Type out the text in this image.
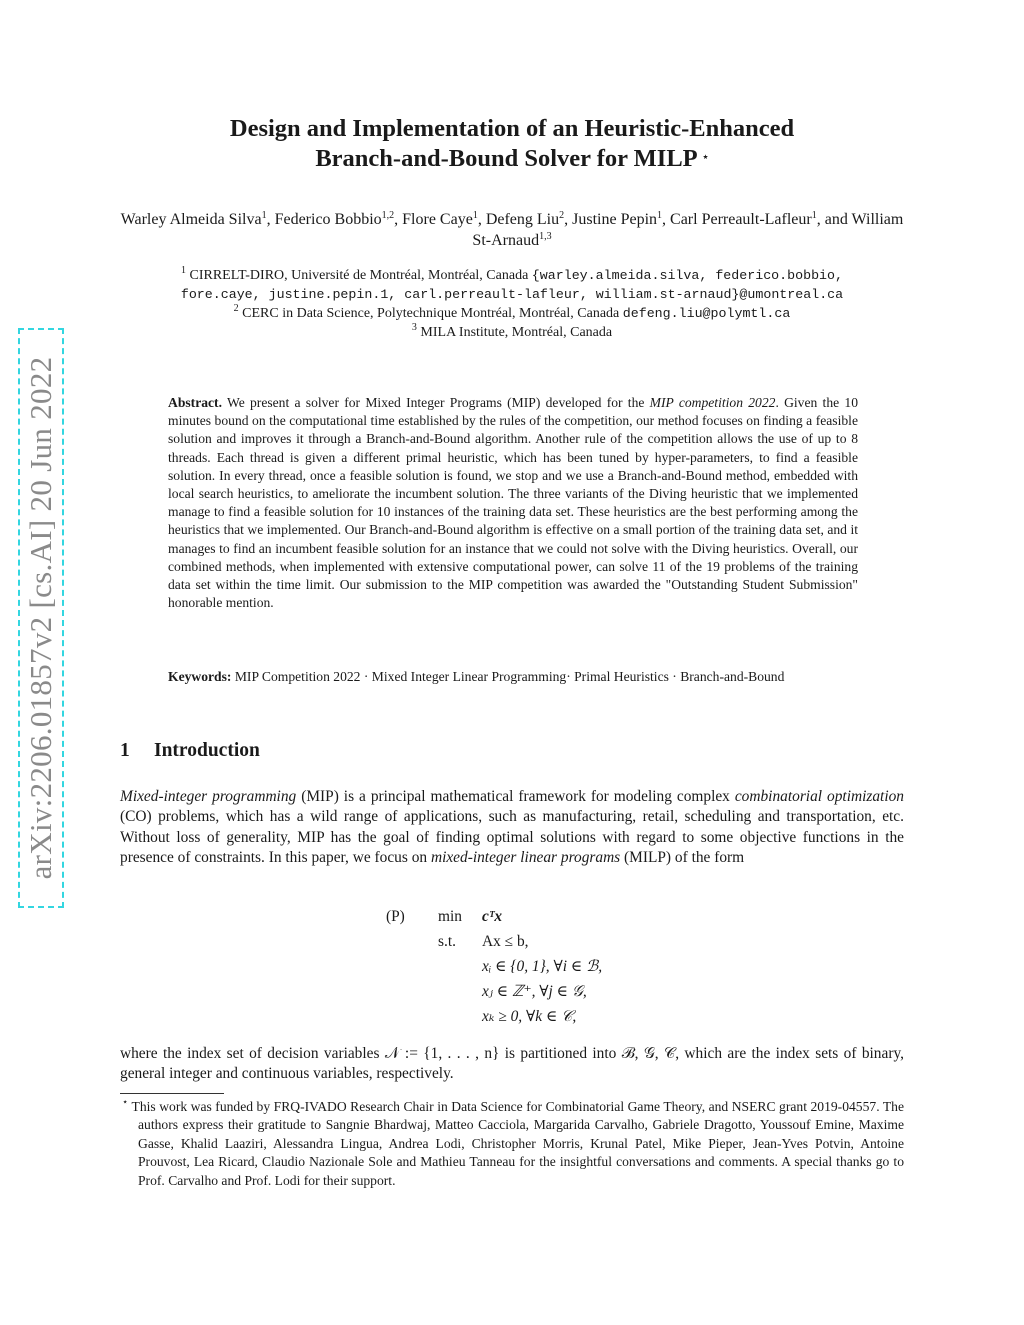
arXiv:2206.01857v2 [cs.AI] 20 Jun 2022
Design and Implementation of an Heuristic-Enhanced
Branch-and-Bound Solver for MILP ⋆
Warley Almeida Silva$^1$, Federico Bobbio$^{1,2}$, Flore Caye$^1$, Defeng Liu$^2$, Justine Pepin$^1$, Carl Perreault-Lafleur$^1$, and William St-Arnaud$^{1,3}$
$^1$ CIRRELT-DIRO, Université de Montréal, Montréal, Canada {warley.almeida.silva, federico.bobbio,
fore.caye, justine.pepin.1, carl.perreault-lafleur, william.st-arnaud}@umontreal.ca
$^2$ CERC in Data Science, Polytechnique Montréal, Montréal, Canada defeng.liu@polymtl.ca
$^3$ MILA Institute, Montréal, Canada
Abstract. We present a solver for Mixed Integer Programs (MIP) developed for the MIP competition 2022. Given the 10 minutes bound on the computational time established by the rules of the competition, our method focuses on finding a feasible solution and improves it through a Branch-and-Bound algorithm. Another rule of the competition allows the use of up to 8 threads. Each thread is given a different primal heuristic, which has been tuned by hyper-parameters, to find a feasible solution. In every thread, once a feasible solution is found, we stop and we use a Branch-and-Bound method, embedded with local search heuristics, to ameliorate the incumbent solution. The three variants of the Diving heuristic that we implemented manage to find a feasible solution for 10 instances of the training data set. These heuristics are the best performing among the heuristics that we implemented. Our Branch-and-Bound algorithm is effective on a small portion of the training data set, and it manages to find an incumbent feasible solution for an instance that we could not solve with the Diving heuristics. Overall, our combined methods, when implemented with extensive computational power, can solve 11 of the 19 problems of the training data set within the time limit. Our submission to the MIP competition was awarded the "Outstanding Student Submission" honorable mention.
Keywords: MIP Competition 2022 · Mixed Integer Linear Programming· Primal Heuristics · Branch-and-Bound
1 Introduction
Mixed-integer programming (MIP) is a principal mathematical framework for modeling complex combinatorial optimization (CO) problems, which has a wild range of applications, such as manufacturing, retail, scheduling and transportation, etc. Without loss of generality, MIP has the goal of finding optimal solutions with regard to some objective functions in the presence of constraints. In this paper, we focus on mixed-integer linear programs (MILP) of the form
(P)	min cᵀx
s.t. Ax ≤ b,
xᵢ ∈ {0, 1}, ∀i ∈ ℬ,
xⱼ ∈ ℤ⁺, ∀j ∈ 𝒢,
xₖ ≥ 0, ∀k ∈ 𝒞,
where the index set of decision variables 𝒩 := {1, . . . , n} is partitioned into ℬ, 𝒢, 𝒞, which are the index sets of binary, general integer and continuous variables, respectively.
⋆ This work was funded by FRQ-IVADO Research Chair in Data Science for Combinatorial Game Theory, and NSERC grant 2019-04557. The authors express their gratitude to Sangnie Bhardwaj, Matteo Cacciola, Margarida Carvalho, Gabriele Dragotto, Youssouf Emine, Maxime Gasse, Khalid Laaziri, Alessandra Lingua, Andrea Lodi, Christopher Morris, Krunal Patel, Mike Pieper, Jean-Yves Potvin, Antoine Prouvost, Lea Ricard, Claudio Nazionale Sole and Mathieu Tanneau for the insightful conversations and comments. A special thanks go to Prof. Carvalho and Prof. Lodi for their support.
